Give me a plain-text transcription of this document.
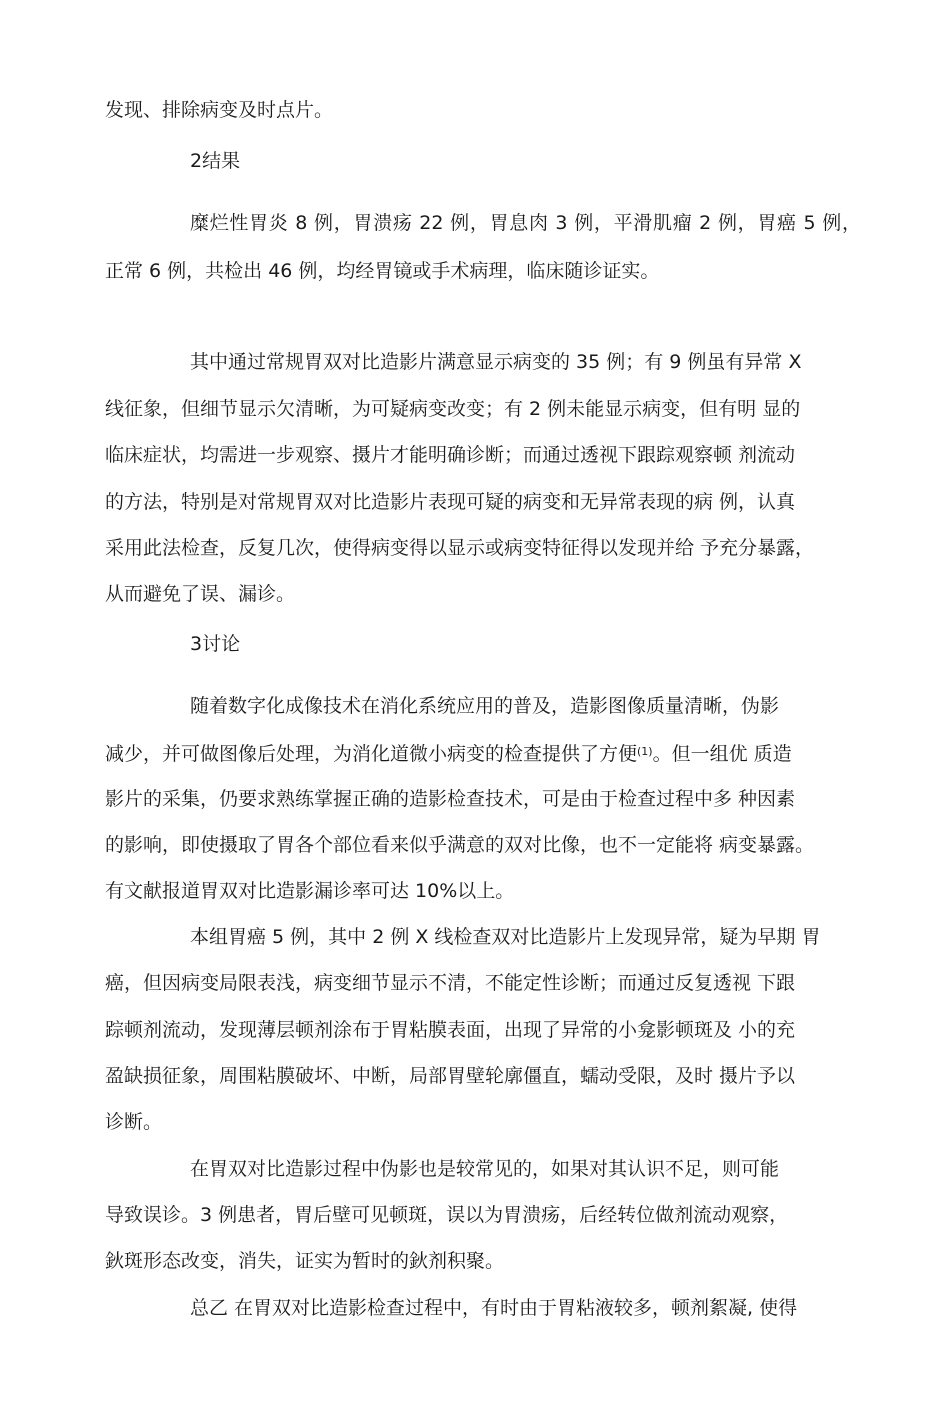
发现、排除病变及时点片。
2结果
糜烂性胃炎 8 例，胃溃疡 22 例，胃息肉 3 例，平滑肌瘤 2 例，胃癌 5 例，
正常 6 例，共检出 46 例，均经胃镜或手术病理，临床随诊证实。
其中通过常规胃双对比造影片满意显示病变的 35 例；有 9 例虽有异常 X
线征象，但细节显示欠清晰，为可疑病变改变；有 2 例未能显示病变，但有明 显的
临床症状，均需进一步观察、摄片才能明确诊断；而通过透视下跟踪观察顿 剂流动
的方法，特别是对常规胃双对比造影片表现可疑的病变和无异常表现的病 例，认真
采用此法检查，反复几次，使得病变得以显示或病变特征得以发现并给 予充分暴露，
从而避免了误、漏诊。
3讨论
随着数字化成像技术在消化系统应用的普及，造影图像质量清晰，伪影
减少，并可做图像后处理，为消化道微小病变的检查提供了方便$^{(1)}$。但一组优 质造
影片的采集，仍要求熟练掌握正确的造影检查技术，可是由于检查过程中多 种因素
的影响，即使摄取了胃各个部位看来似乎满意的双对比像，也不一定能将 病变暴露。
有文献报道胃双对比造影漏诊率可达 10%以上。
本组胃癌 5 例，其中 2 例 X 线检查双对比造影片上发现异常，疑为早期 胃
癌，但因病变局限表浅，病变细节显示不清，不能定性诊断；而通过反复透视 下跟
踪顿剂流动，发现薄层顿剂涂布于胃粘膜表面，出现了异常的小龛影顿斑及 小的充
盈缺损征象，周围粘膜破坏、中断，局部胃壁轮廓僵直，蠕动受限，及时 摄片予以
诊断。
在胃双对比造影过程中伪影也是较常见的，如果对其认识不足，则可能
导致误诊。3 例患者，胃后壁可见顿斑，误以为胃溃疡，后经转位做剂流动观察，
鈥斑形态改变，消失，证实为暂时的鈥剂积聚。
总乙 在胃双对比造影检查过程中，有时由于胃粘液较多，顿剂絮凝, 使得
